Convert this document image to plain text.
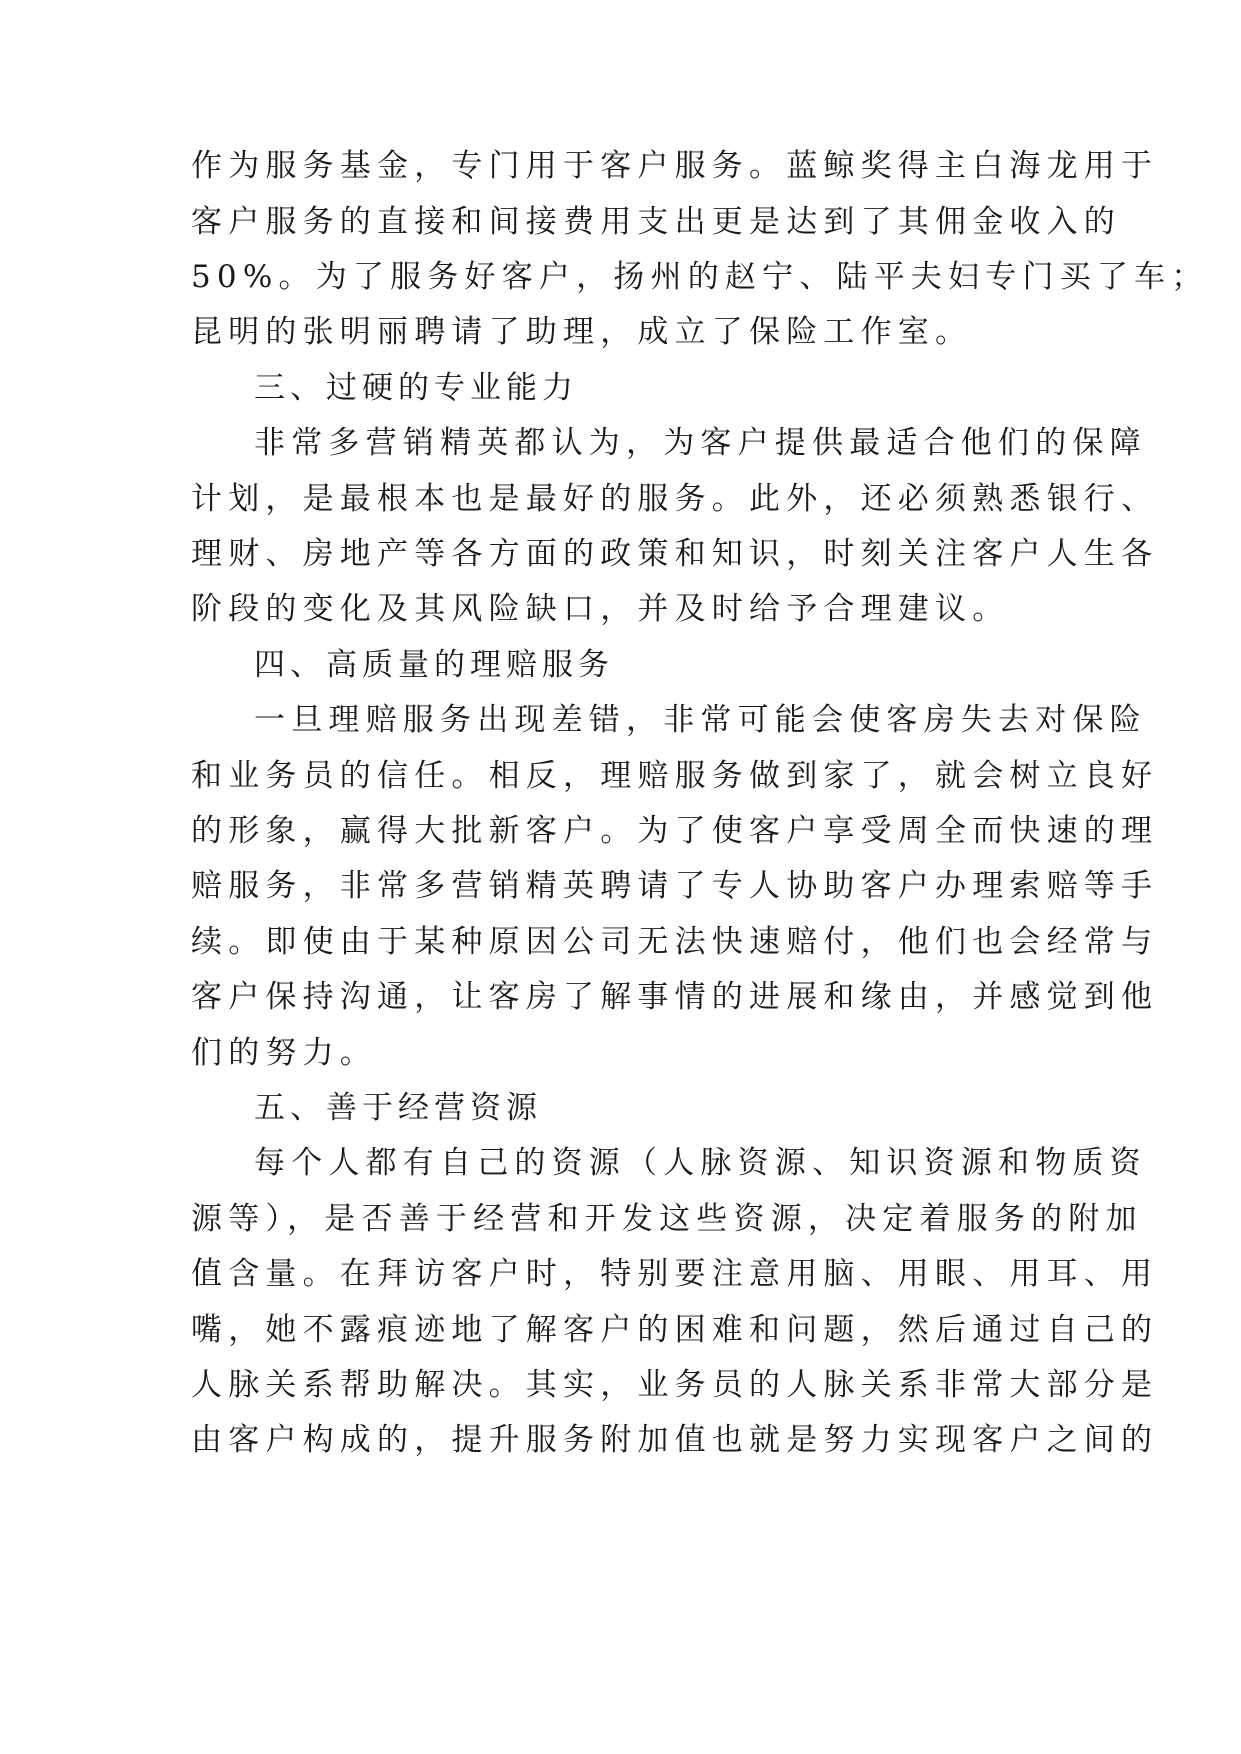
作为服务基金，专门用于客户服务。蓝鲸奖得主白海龙用于
客户服务的直接和间接费用支出更是达到了其佣金收入的
50%。为了服务好客户，扬州的赵宁、陆平夫妇专门买了车；
昆明的张明丽聘请了助理，成立了保险工作室。
三、过硬的专业能力
非常多营销精英都认为，为客户提供最适合他们的保障
计划，是最根本也是最好的服务。此外，还必须熟悉银行、
理财、房地产等各方面的政策和知识，时刻关注客户人生各
阶段的变化及其风险缺口，并及时给予合理建议。
四、高质量的理赔服务
一旦理赔服务出现差错，非常可能会使客房失去对保险
和业务员的信任。相反，理赔服务做到家了，就会树立良好
的形象，赢得大批新客户。为了使客户享受周全而快速的理
赔服务，非常多营销精英聘请了专人协助客户办理索赔等手
续。即使由于某种原因公司无法快速赔付，他们也会经常与
客户保持沟通，让客房了解事情的进展和缘由，并感觉到他
们的努力。
五、善于经营资源
每个人都有自己的资源（人脉资源、知识资源和物质资
源等），是否善于经营和开发这些资源，决定着服务的附加
值含量。在拜访客户时，特别要注意用脑、用眼、用耳、用
嘴，她不露痕迹地了解客户的困难和问题，然后通过自己的
人脉关系帮助解决。其实，业务员的人脉关系非常大部分是
由客户构成的，提升服务附加值也就是努力实现客户之间的
